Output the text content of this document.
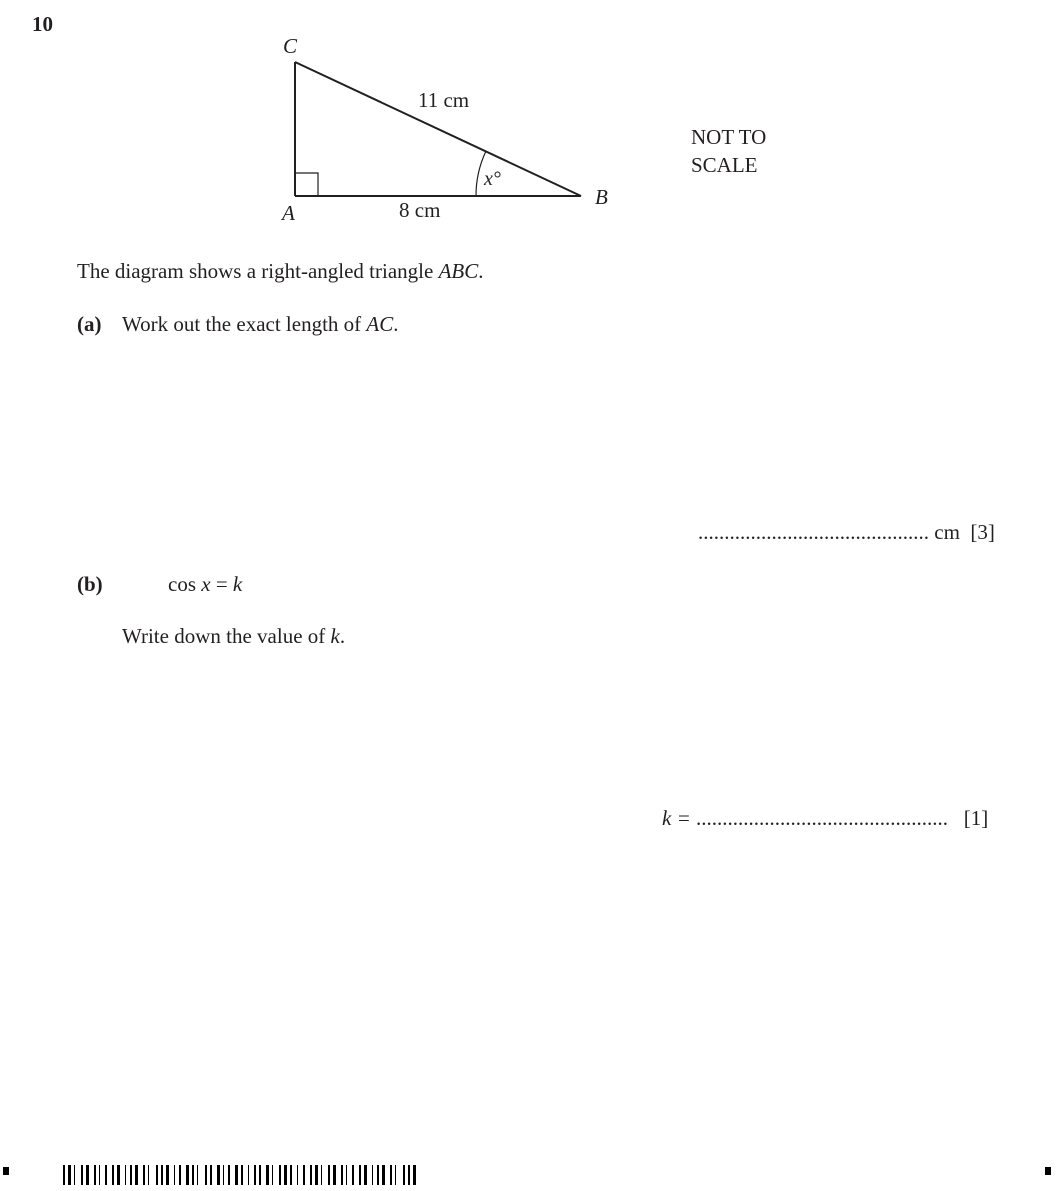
10
C
A
B
11 cm
8 cm
x°
NOT TO
SCALE
The diagram shows a right-angled triangle ABC.
(a) Work out the exact length of AC.
............................................ cm [3]
(b)	cos x = k
Write down the value of k.
k = ................................................ [1]
